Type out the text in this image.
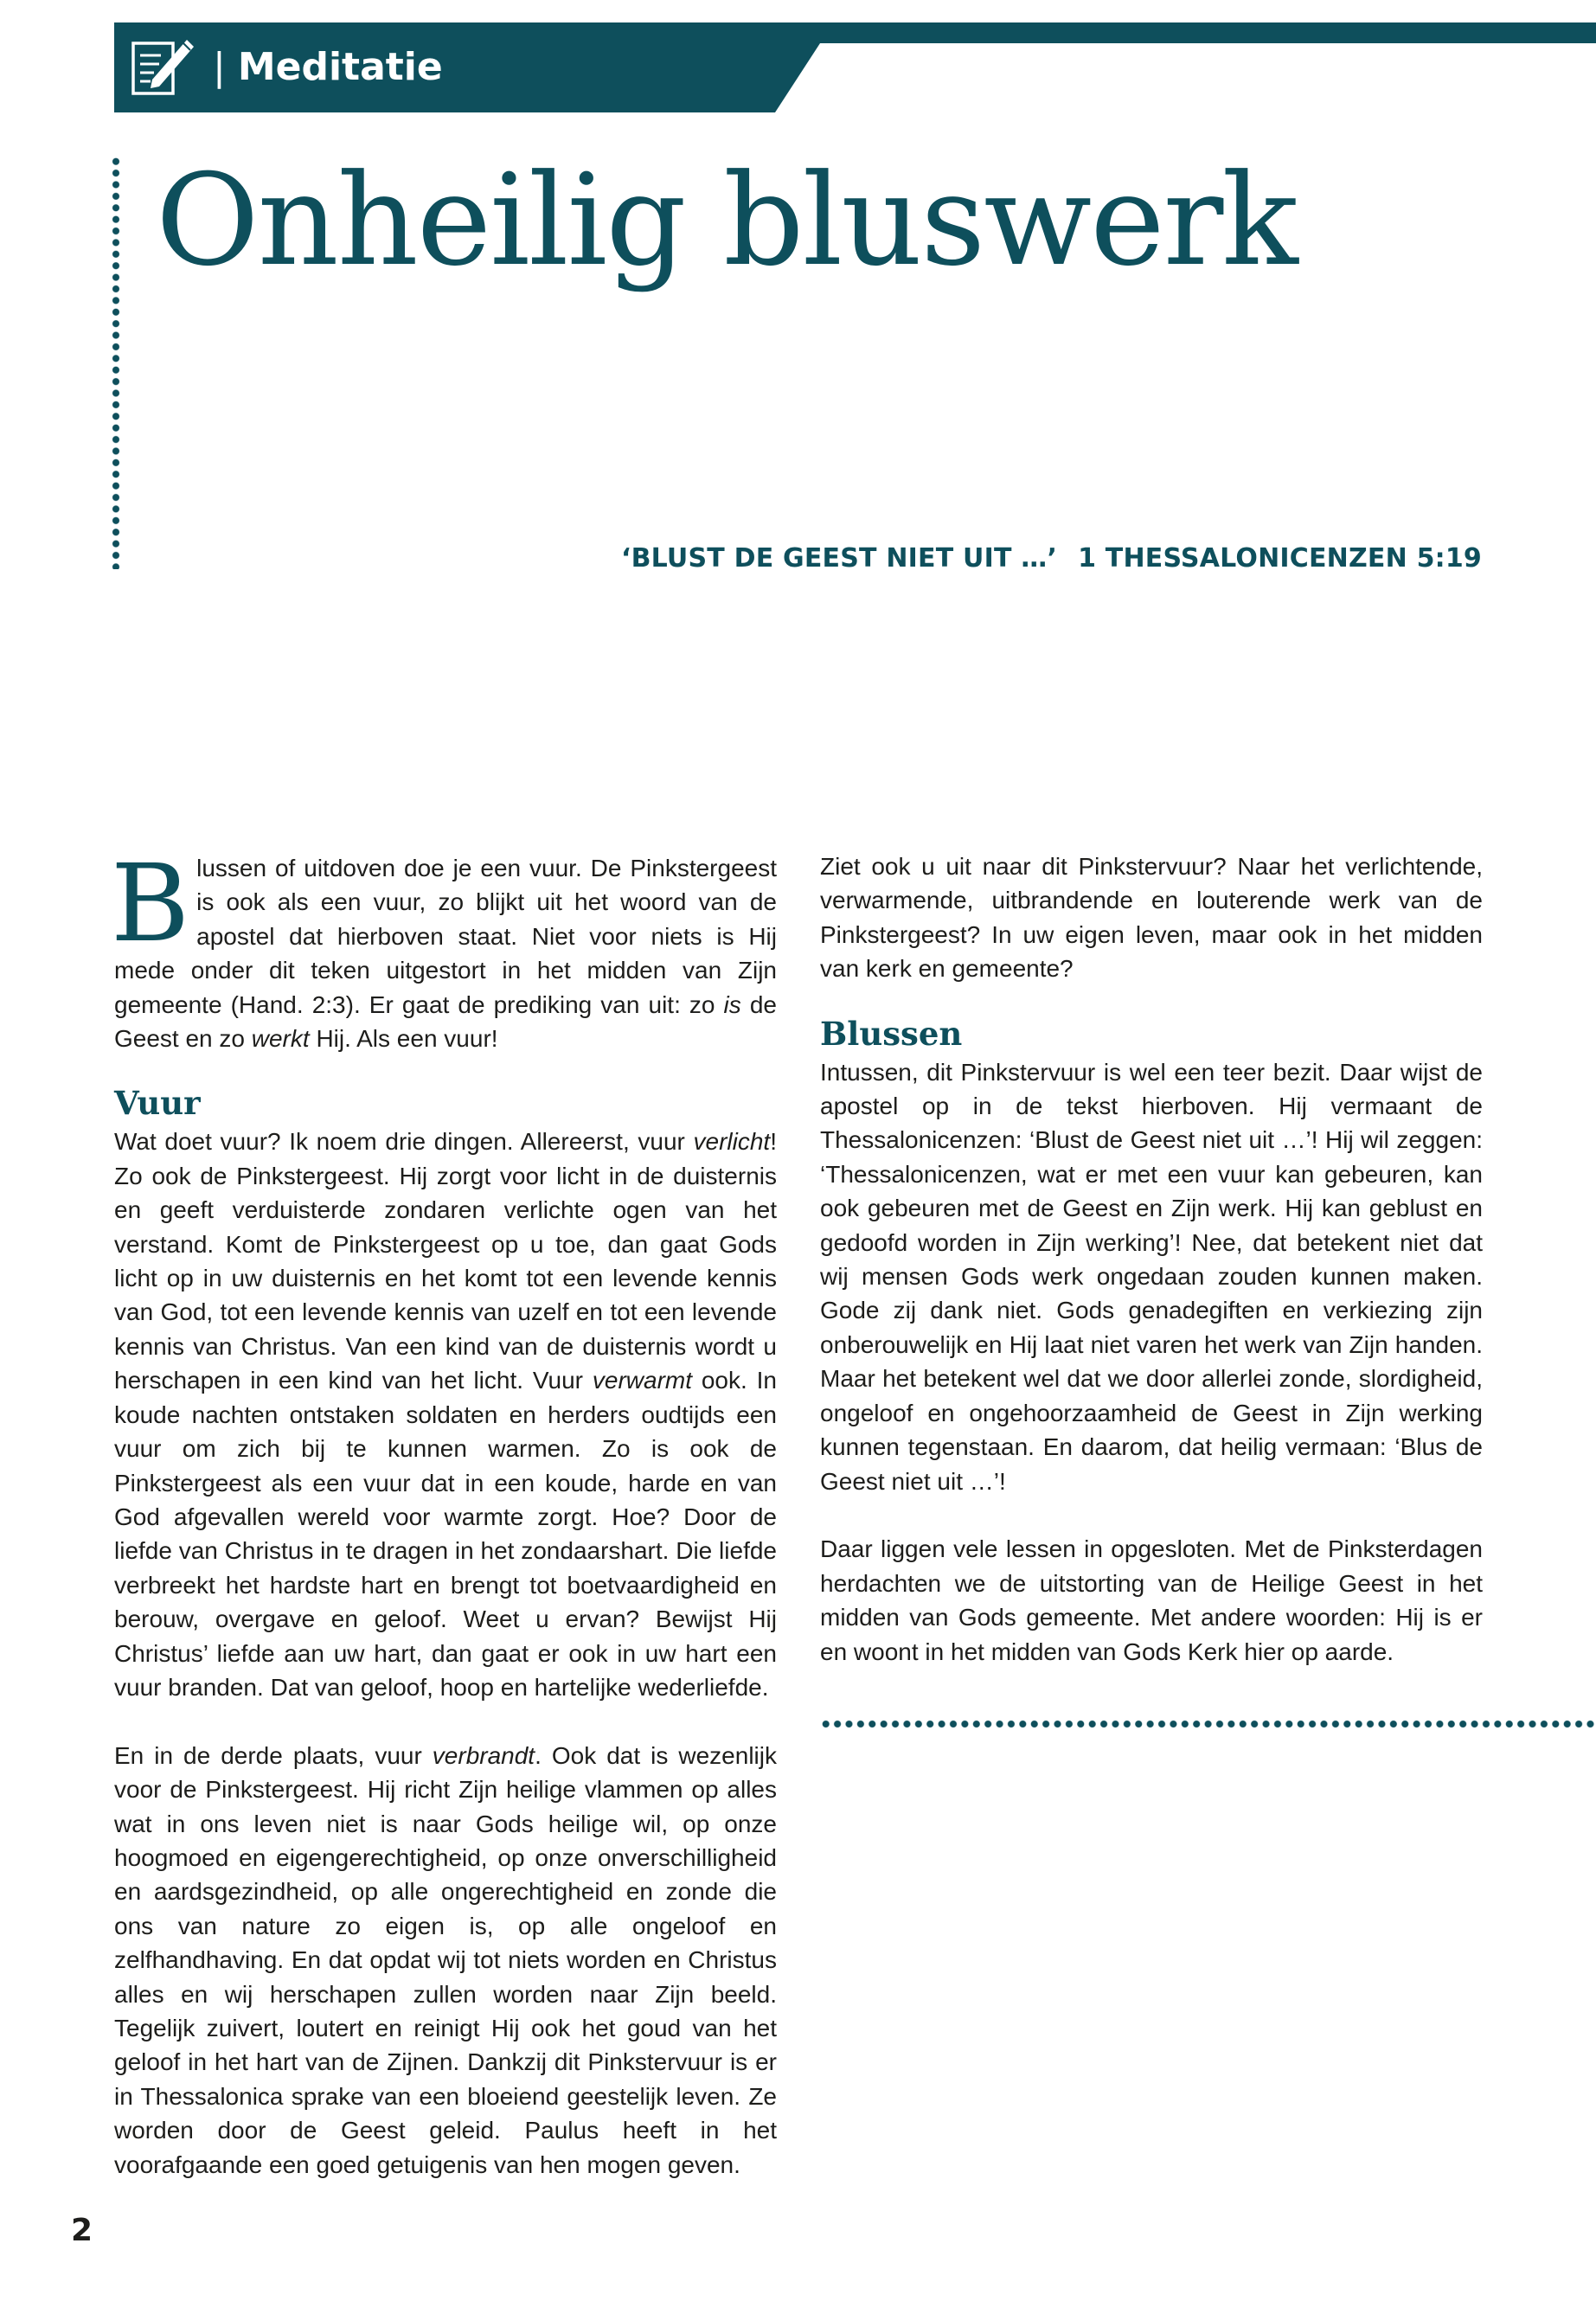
| Meditatie
Onheilig bluswerk
‘BLUST DE GEEST NIET UIT …’ 1 THESSALONICENZEN 5:19

Blussen of uitdoven doe je een vuur. De Pinkstergeest is ook als een vuur, zo blijkt uit het woord van de apostel dat hierboven staat. Niet voor niets is Hij mede onder dit teken uitgestort in het midden van Zijn gemeente (Hand. 2:3). Er gaat de prediking van uit: zo is de Geest en zo werkt Hij. Als een vuur!

Vuur

Wat doet vuur? Ik noem drie dingen. Allereerst, vuur verlicht! Zo ook de Pinkstergeest. Hij zorgt voor licht in de duisternis en geeft verduisterde zondaren verlichte ogen van het verstand. Komt de Pinkstergeest op u toe, dan gaat Gods licht op in uw duisternis en het komt tot een levende kennis van God, tot een levende kennis van uzelf en tot een levende kennis van Christus. Van een kind van de duisternis wordt u herschapen in een kind van het licht. Vuur verwarmt ook. In koude nachten ontstaken soldaten en herders oudtijds een vuur om zich bij te kunnen warmen. Zo is ook de Pinkstergeest als een vuur dat in een koude, harde en van God afgevallen wereld voor warmte zorgt. Hoe? Door de liefde van Christus in te dragen in het zondaarshart. Die liefde verbreekt het hardste hart en brengt tot boetvaardigheid en berouw, overgave en geloof. Weet u ervan? Bewijst Hij Christus’ liefde aan uw hart, dan gaat er ook in uw hart een vuur branden. Dat van geloof, hoop en hartelijke wederliefde.

En in de derde plaats, vuur verbrandt. Ook dat is wezenlijk voor de Pinkstergeest. Hij richt Zijn heilige vlammen op alles wat in ons leven niet is naar Gods heilige wil, op onze hoogmoed en eigengerechtigheid, op onze onverschilligheid en aardsgezindheid, op alle ongerechtigheid en zonde die ons van nature zo eigen is, op alle ongeloof en zelfhandhaving. En dat opdat wij tot niets worden en Christus alles en wij herschapen zullen worden naar Zijn beeld. Tegelijk zuivert, loutert en reinigt Hij ook het goud van het geloof in het hart van de Zijnen. Dankzij dit Pinkstervuur is er in Thessalonica sprake van een bloeiend geestelijk leven. Ze worden door de Geest geleid. Paulus heeft in het voorafgaande een goed getuigenis van hen mogen geven.

Ziet ook u uit naar dit Pinkstervuur? Naar het verlichtende, verwarmende, uitbrandende en louterende werk van de Pinkstergeest? In uw eigen leven, maar ook in het midden van kerk en gemeente?

Blussen

Intussen, dit Pinkstervuur is wel een teer bezit. Daar wijst de apostel op in de tekst hierboven. Hij vermaant de Thessalonicenzen: ‘Blust de Geest niet uit …’! Hij wil zeggen: ‘Thessalonicenzen, wat er met een vuur kan gebeuren, kan ook gebeuren met de Geest en Zijn werk. Hij kan geblust en gedoofd worden in Zijn werking’! Nee, dat betekent niet dat wij mensen Gods werk ongedaan zouden kunnen maken. Gode zij dank niet. Gods genadegiften en verkiezing zijn onberouwelijk en Hij laat niet varen het werk van Zijn handen. Maar het betekent wel dat we door allerlei zonde, slordigheid, ongeloof en ongehoorzaamheid de Geest in Zijn werking kunnen tegenstaan. En daarom, dat heilig vermaan: ‘Blus de Geest niet uit …’!

Daar liggen vele lessen in opgesloten. Met de Pinksterdagen herdachten we de uitstorting van de Heilige Geest in het midden van Gods gemeente. Met andere woorden: Hij is er en woont in het midden van Gods Kerk hier op aarde.

2
